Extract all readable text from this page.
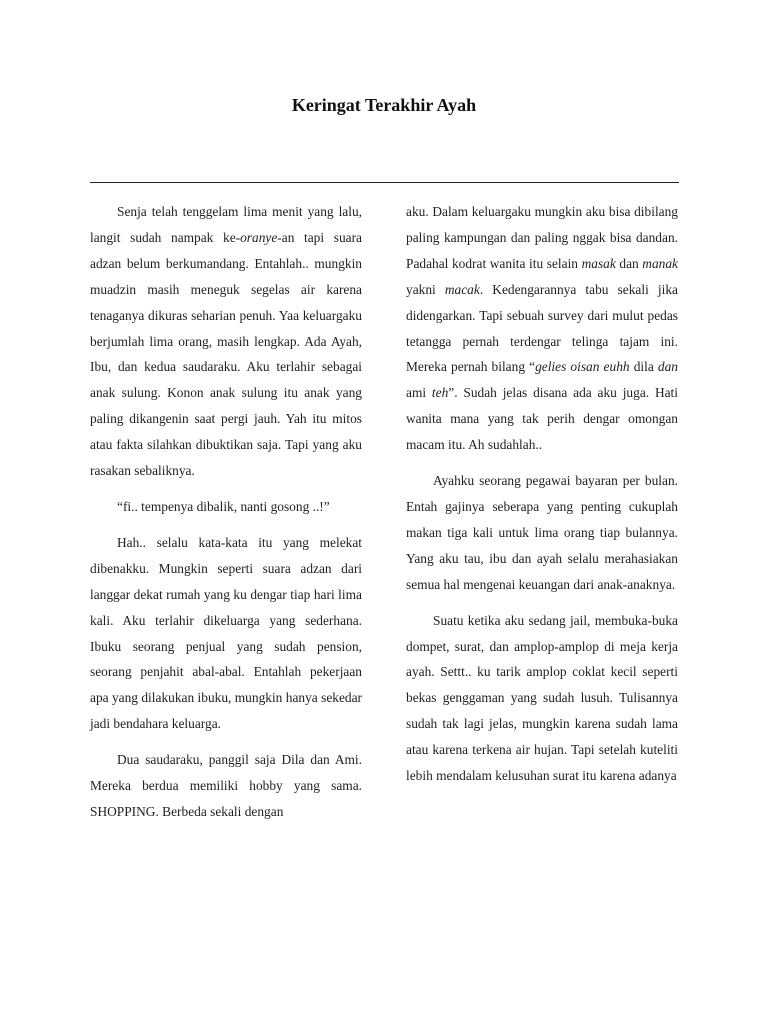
Keringat Terakhir Ayah

Senja telah tenggelam lima menit yang lalu, langit sudah nampak ke-oranye-an tapi suara adzan belum berkumandang. Entahlah.. mungkin muadzin masih meneguk segelas air karena tenaganya dikuras seharian penuh. Yaa keluargaku berjumlah lima orang, masih lengkap. Ada Ayah, Ibu, dan kedua saudaraku. Aku terlahir sebagai anak sulung. Konon anak sulung itu anak yang paling dikangenin saat pergi jauh. Yah itu mitos atau fakta silahkan dibuktikan saja. Tapi yang aku rasakan sebaliknya.

“fi.. tempenya dibalik, nanti gosong ..!”

Hah.. selalu kata-kata itu yang melekat dibenakku. Mungkin seperti suara adzan dari langgar dekat rumah yang ku dengar tiap hari lima kali. Aku terlahir dikeluarga yang sederhana. Ibuku seorang penjual yang sudah pension, seorang penjahit abal-abal. Entahlah pekerjaan apa yang dilakukan ibuku, mungkin hanya sekedar jadi bendahara keluarga.

Dua saudaraku, panggil saja Dila dan Ami. Mereka berdua memiliki hobby yang sama. SHOPPING. Berbeda sekali dengan

aku. Dalam keluargaku mungkin aku bisa dibilang paling kampungan dan paling nggak bisa dandan. Padahal kodrat wanita itu selain masak dan manak yakni macak. Kedengarannya tabu sekali jika didengarkan. Tapi sebuah survey dari mulut pedas tetangga pernah terdengar telinga tajam ini. Mereka pernah bilang “gelies oisan euhh dila dan ami teh”. Sudah jelas disana ada aku juga. Hati wanita mana yang tak perih dengar omongan macam itu. Ah sudahlah..

Ayahku seorang pegawai bayaran per bulan. Entah gajinya seberapa yang penting cukuplah makan tiga kali untuk lima orang tiap bulannya. Yang aku tau, ibu dan ayah selalu merahasiakan semua hal mengenai keuangan dari anak-anaknya.

Suatu ketika aku sedang jail, membuka-buka dompet, surat, dan amplop-amplop di meja kerja ayah. Settt.. ku tarik amplop coklat kecil seperti bekas genggaman yang sudah lusuh. Tulisannya sudah tak lagi jelas, mungkin karena sudah lama atau karena terkena air hujan. Tapi setelah kuteliti lebih mendalam kelusuhan surat itu karena adanya
